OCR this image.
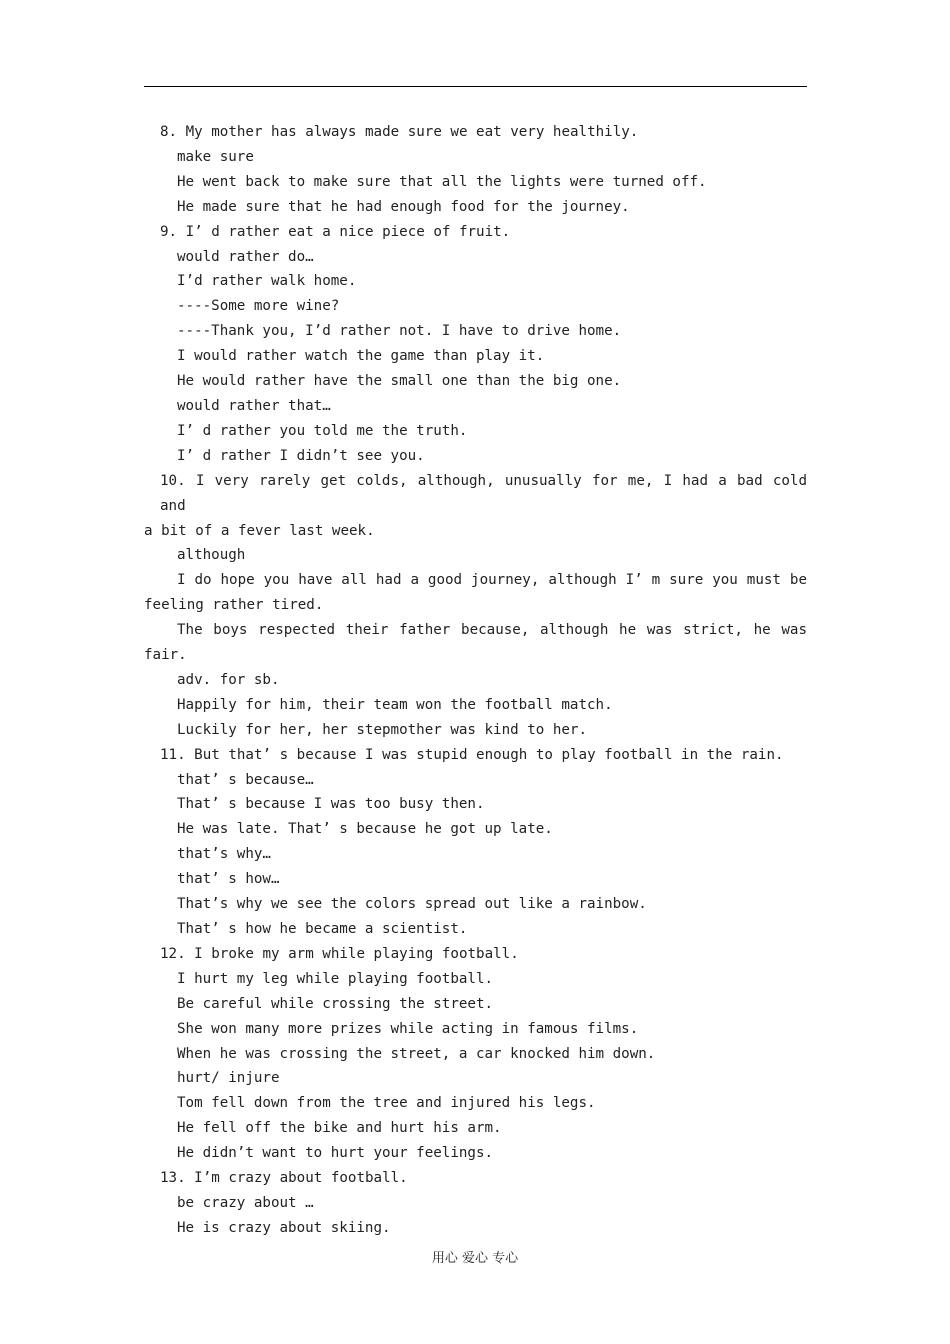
8. My mother has always made sure we eat very healthily.
make sure
He went back to make sure that all the lights were turned off.
He made sure that he had enough food for the journey.
9. I’ d rather eat a nice piece of fruit.
would rather do…
I’d rather walk home.
----Some more wine?
----Thank you, I’d rather not. I have to drive home.
I would rather watch the game than play it.
He would rather have the small one than the big one.
would rather that…
I’ d rather you told me the truth.
I’ d rather I didn’t see you.
10. I very rarely get colds, although, unusually for me, I had a bad cold and
a bit of a fever last week.
although
I do hope you have all had a good journey, although I’ m sure you must be
feeling rather tired.
The boys respected their father because, although he was strict, he was
fair.
adv. for sb.
Happily for him, their team won the football match.
Luckily for her, her stepmother was kind to her.
11. But that’ s because I was stupid enough to play football in the rain.
that’ s because…
That’ s because I was too busy then.
He was late. That’ s because he got up late.
that’s why…
that’ s how…
That’s why we see the colors spread out like a rainbow.
That’ s how he became a scientist.
12. I broke my arm while playing football.
I hurt my leg while playing football.
Be careful while crossing the street.
She won many more prizes while acting in famous films.
When he was crossing the street, a car knocked him down.
hurt/ injure
Tom fell down from the tree and injured his legs.
He fell off the bike and hurt his arm.
He didn’t want to hurt your feelings.
13. I’m crazy about football.
be crazy about …
He is crazy about skiing.
用心 爱心 专心
